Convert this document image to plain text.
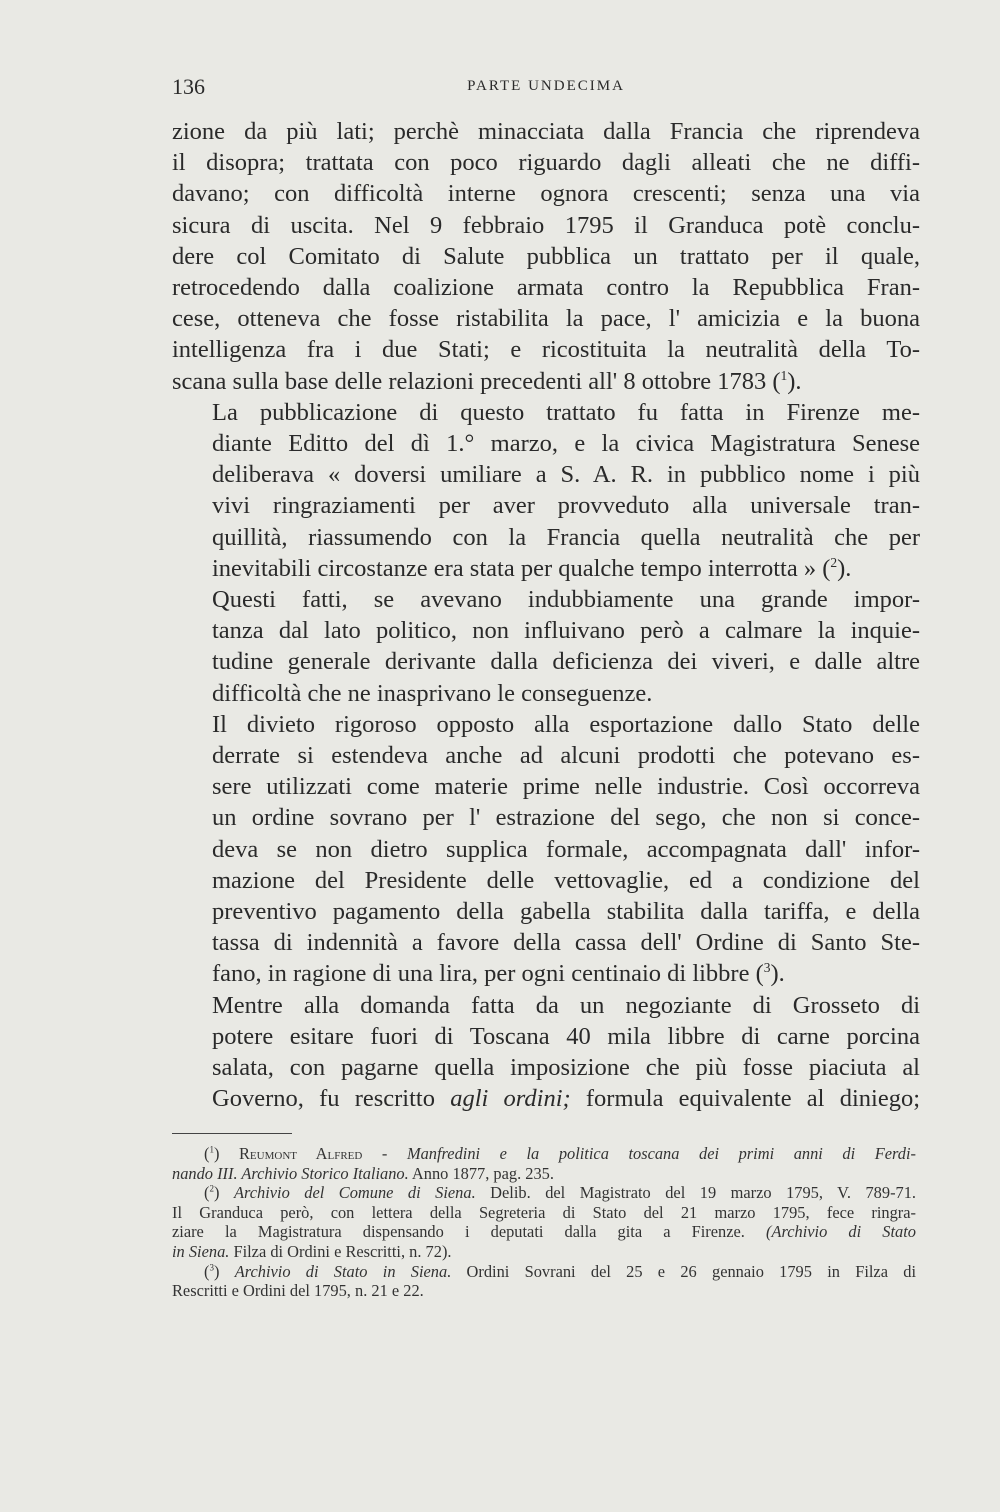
136	PARTE UNDECIMA

zione da più lati; perchè minacciata dalla Francia che riprendeva
il disopra; trattata con poco riguardo dagli alleati che ne diffi-
davano; con difficoltà interne ognora crescenti; senza una via
sicura di uscita. Nel 9 febbraio 1795 il Granduca potè conclu-
dere col Comitato di Salute pubblica un trattato per il quale,
retrocedendo dalla coalizione armata contro la Repubblica Fran-
cese, otteneva che fosse ristabilita la pace, l' amicizia e la buona
intelligenza fra i due Stati; e ricostituita la neutralità della To-
scana sulla base delle relazioni precedenti all' 8 ottobre 1783 ($^1$).

La pubblicazione di questo trattato fu fatta in Firenze me-
diante Editto del dì 1.° marzo, e la civica Magistratura Senese
deliberava « doversi umiliare a S. A. R. in pubblico nome i più
vivi ringraziamenti per aver provveduto alla universale tran-
quillità, riassumendo con la Francia quella neutralità che per
inevitabili circostanze era stata per qualche tempo interrotta » ($^2$).

Questi fatti, se avevano indubbiamente una grande impor-
tanza dal lato politico, non influivano però a calmare la inquie-
tudine generale derivante dalla deficienza dei viveri, e dalle altre
difficoltà che ne inasprivano le conseguenze.

Il divieto rigoroso opposto alla esportazione dallo Stato delle
derrate si estendeva anche ad alcuni prodotti che potevano es-
sere utilizzati come materie prime nelle industrie. Così occorreva
un ordine sovrano per l' estrazione del sego, che non si conce-
deva se non dietro supplica formale, accompagnata dall' infor-
mazione del Presidente delle vettovaglie, ed a condizione del
preventivo pagamento della gabella stabilita dalla tariffa, e della
tassa di indennità a favore della cassa dell' Ordine di Santo Ste-
fano, in ragione di una lira, per ogni centinaio di libbre ($^3$).

Mentre alla domanda fatta da un negoziante di Grosseto di
potere esitare fuori di Toscana 40 mila libbre di carne porcina
salata, con pagarne quella imposizione che più fosse piaciuta al
Governo, fu rescritto agli ordini; formula equivalente al diniego;

($^1$) Reumont Alfred - Manfredini e la politica toscana dei primi anni di Ferdi-
nando III. Archivio Storico Italiano. Anno 1877, pag. 235.

($^2$) Archivio del Comune di Siena. Delib. del Magistrato del 19 marzo 1795, V. 789-71.
Il Granduca però, con lettera della Segreteria di Stato del 21 marzo 1795, fece ringra-
ziare la Magistratura dispensando i deputati dalla gita a Firenze. (Archivio di Stato
in Siena. Filza di Ordini e Rescritti, n. 72).

($^3$) Archivio di Stato in Siena. Ordini Sovrani del 25 e 26 gennaio 1795 in Filza di
Rescritti e Ordini del 1795, n. 21 e 22.
